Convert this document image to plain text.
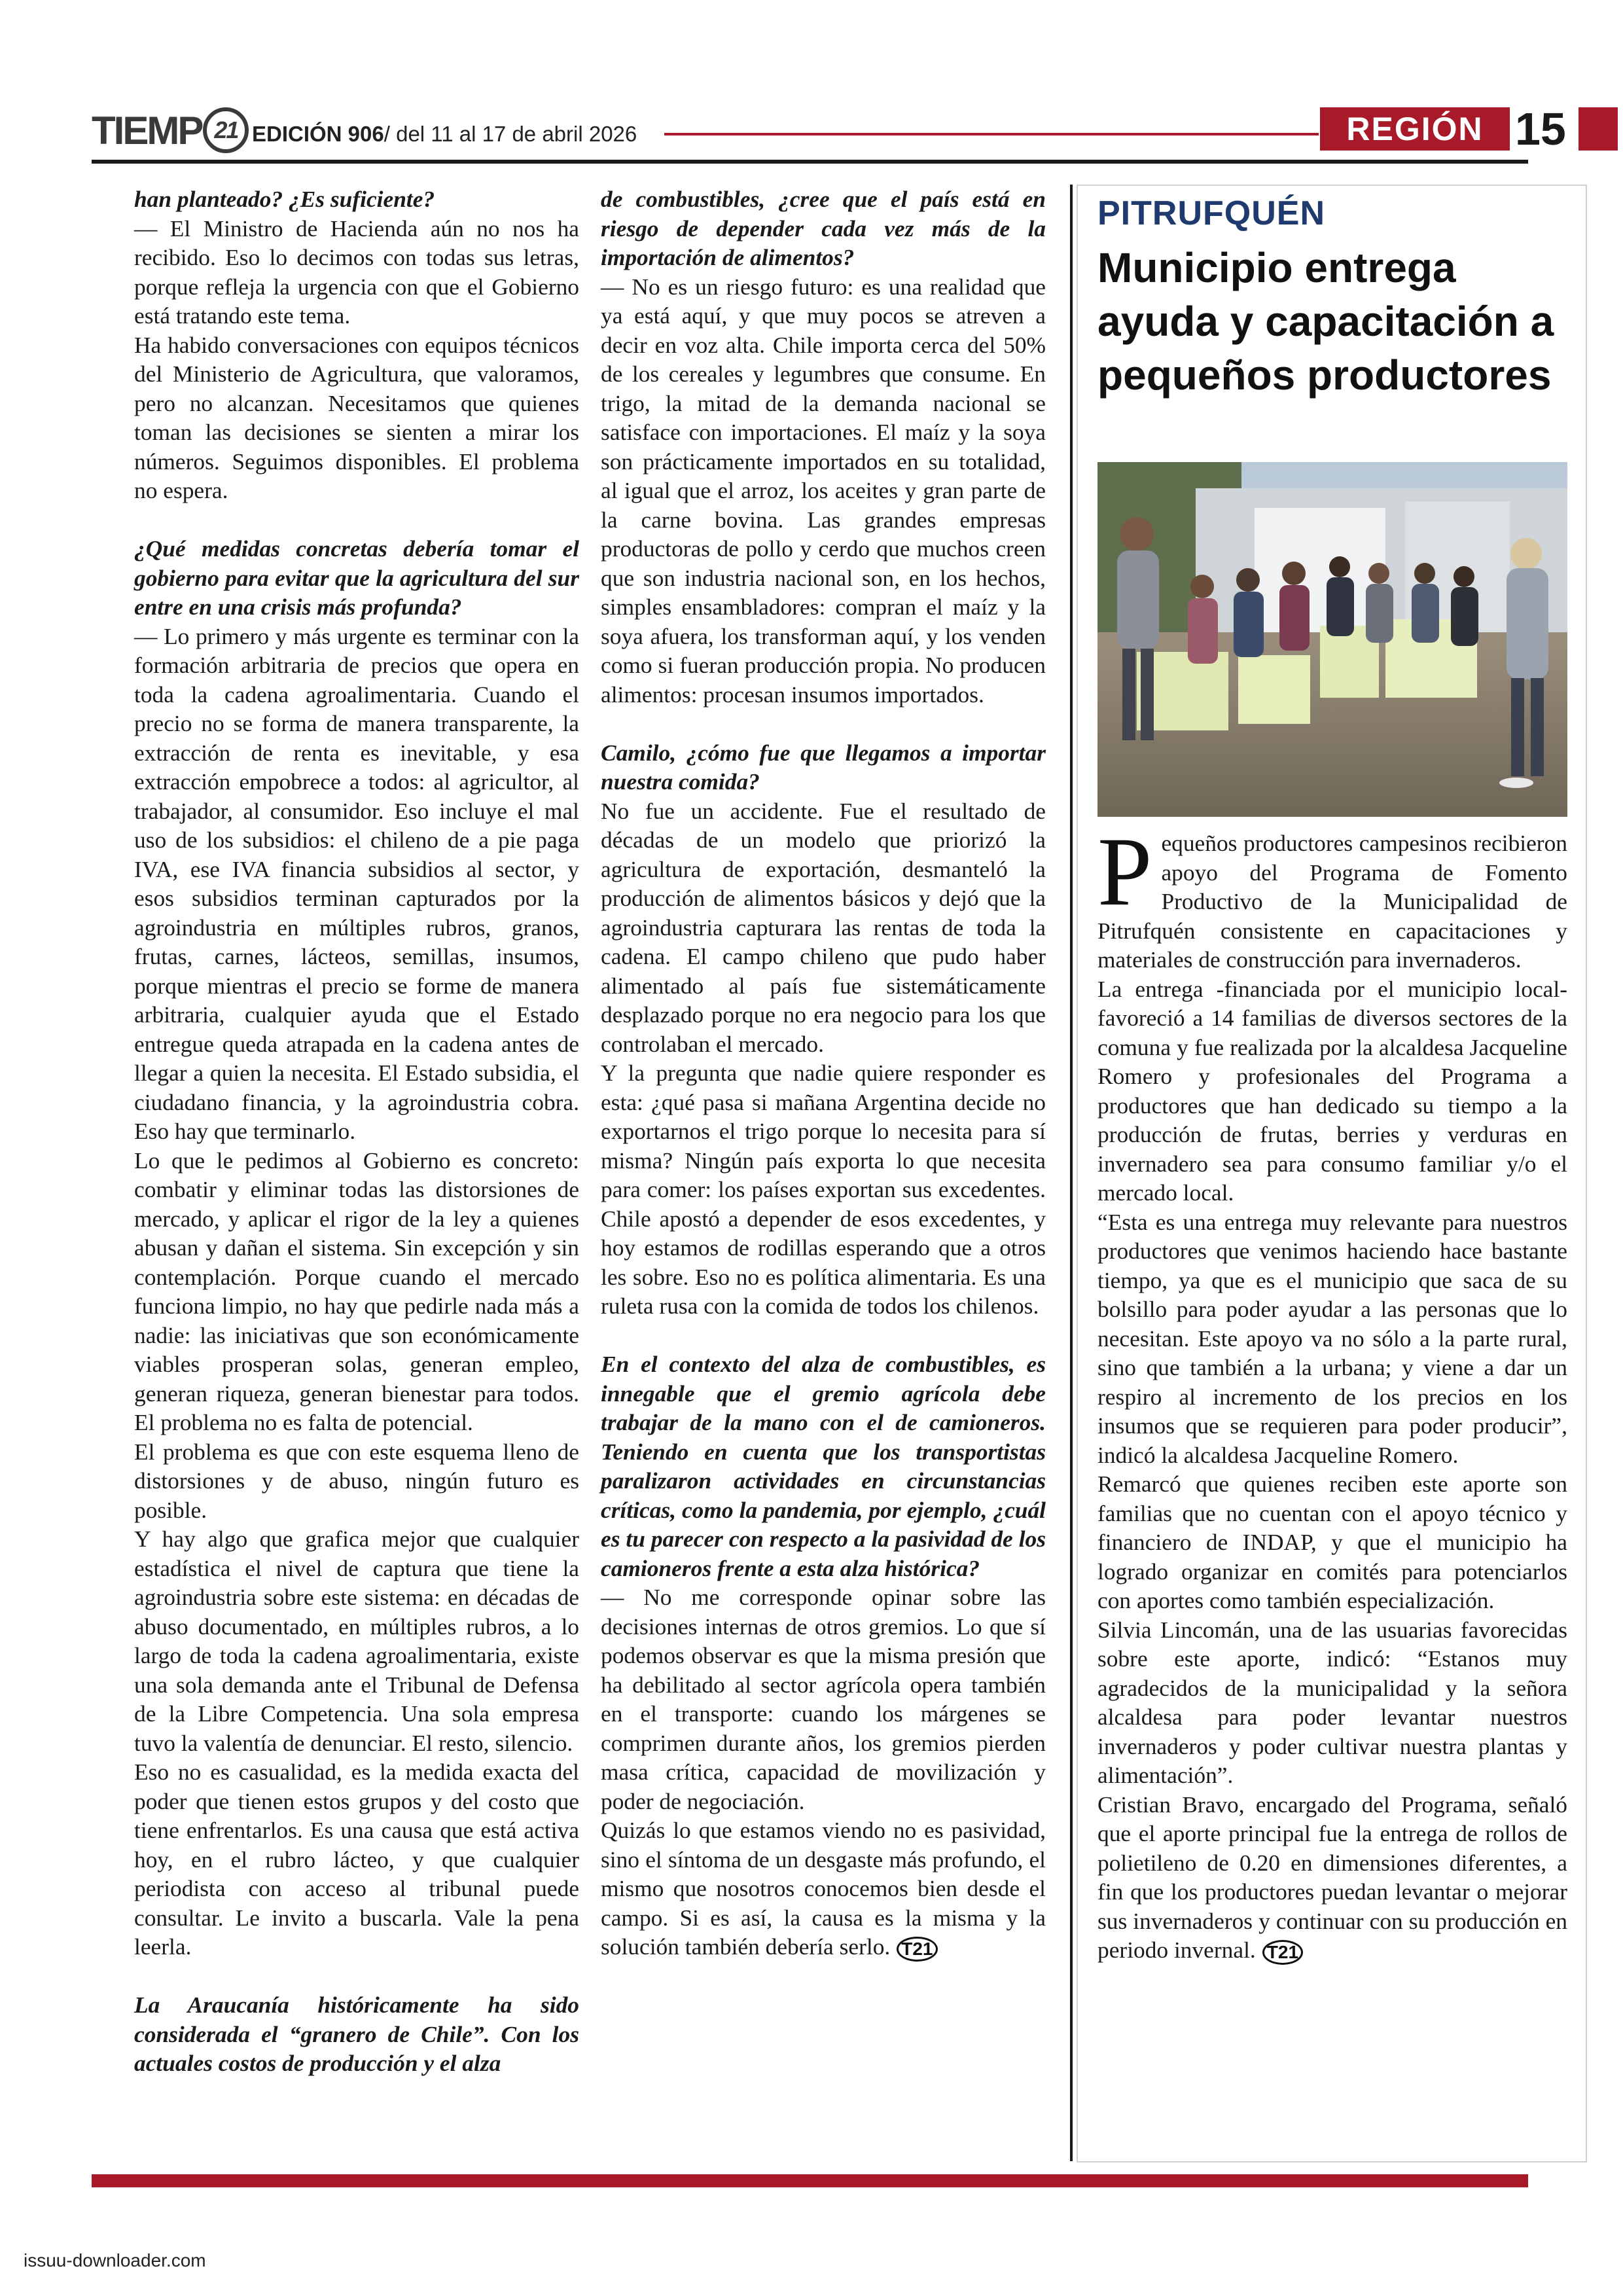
TIEMP 21 EDICIÓN 906/ del 11 al 17 de abril 2026	REGIÓN 15

han planteado? ¿Es suficiente?

— El Ministro de Hacienda aún no nos ha recibido. Eso lo decimos con todas sus letras, porque refleja la urgencia con que el Gobierno está tratando este tema.

Ha habido conversaciones con equipos técnicos del Ministerio de Agricultura, que valoramos, pero no alcanzan. Necesitamos que quienes toman las decisiones se sienten a mirar los números. Seguimos disponibles. El problema no espera.

¿Qué medidas concretas debería tomar el gobierno para evitar que la agricultura del sur entre en una crisis más profunda?

— Lo primero y más urgente es terminar con la formación arbitraria de precios que opera en toda la cadena agroalimentaria. Cuando el precio no se forma de manera transparente, la extracción de renta es inevitable, y esa extracción empobrece a todos: al agricultor, al trabajador, al consumidor. Eso incluye el mal uso de los subsidios: el chileno de a pie paga IVA, ese IVA financia subsidios al sector, y esos subsidios terminan capturados por la agroindustria en múltiples rubros, granos, frutas, carnes, lácteos, semillas, insumos, porque mientras el precio se forme de manera arbitraria, cualquier ayuda que el Estado entregue queda atrapada en la cadena antes de llegar a quien la necesita. El Estado subsidia, el ciudadano financia, y la agroindustria cobra. Eso hay que terminarlo.

Lo que le pedimos al Gobierno es concreto: combatir y eliminar todas las distorsiones de mercado, y aplicar el rigor de la ley a quienes abusan y dañan el sistema. Sin excepción y sin contemplación. Porque cuando el mercado funciona limpio, no hay que pedirle nada más a nadie: las iniciativas que son económicamente viables prosperan solas, generan empleo, generan riqueza, generan bienestar para todos. El problema no es falta de potencial.

El problema es que con este esquema lleno de distorsiones y de abuso, ningún futuro es posible.

Y hay algo que grafica mejor que cualquier estadística el nivel de captura que tiene la agroindustria sobre este sistema: en décadas de abuso documentado, en múltiples rubros, a lo largo de toda la cadena agroalimentaria, existe una sola demanda ante el Tribunal de Defensa de la Libre Competencia. Una sola empresa tuvo la valentía de denunciar. El resto, silencio.

Eso no es casualidad, es la medida exacta del poder que tienen estos grupos y del costo que tiene enfrentarlos. Es una causa que está activa hoy, en el rubro lácteo, y que cualquier periodista con acceso al tribunal puede consultar. Le invito a buscarla. Vale la pena leerla.

La Araucanía históricamente ha sido considerada el “granero de Chile”. Con los actuales costos de producción y el alza

de combustibles, ¿cree que el país está en riesgo de depender cada vez más de la importación de alimentos?

— No es un riesgo futuro: es una realidad que ya está aquí, y que muy pocos se atreven a decir en voz alta. Chile importa cerca del 50% de los cereales y legumbres que consume. En trigo, la mitad de la demanda nacional se satisface con importaciones. El maíz y la soya son prácticamente importados en su totalidad, al igual que el arroz, los aceites y gran parte de la carne bovina. Las grandes empresas productoras de pollo y cerdo que muchos creen que son industria nacional son, en los hechos, simples ensambladores: compran el maíz y la soya afuera, los transforman aquí, y los venden como si fueran producción propia. No producen alimentos: procesan insumos importados.

Camilo, ¿cómo fue que llegamos a importar nuestra comida?

No fue un accidente. Fue el resultado de décadas de un modelo que priorizó la agricultura de exportación, desmanteló la producción de alimentos básicos y dejó que la agroindustria capturara las rentas de toda la cadena. El campo chileno que pudo haber alimentado al país fue sistemáticamente desplazado porque no era negocio para los que controlaban el mercado.

Y la pregunta que nadie quiere responder es esta: ¿qué pasa si mañana Argentina decide no exportarnos el trigo porque lo necesita para sí misma? Ningún país exporta lo que necesita para comer: los países exportan sus excedentes. Chile apostó a depender de esos excedentes, y hoy estamos de rodillas esperando que a otros les sobre. Eso no es política alimentaria. Es una ruleta rusa con la comida de todos los chilenos.

En el contexto del alza de combustibles, es innegable que el gremio agrícola debe trabajar de la mano con el de camioneros. Teniendo en cuenta que los transportistas paralizaron actividades en circunstancias críticas, como la pandemia, por ejemplo, ¿cuál es tu parecer con respecto a la pasividad de los camioneros frente a esta alza histórica?

— No me corresponde opinar sobre las decisiones internas de otros gremios. Lo que sí podemos observar es que la misma presión que ha debilitado al sector agrícola opera también en el transporte: cuando los márgenes se comprimen durante años, los gremios pierden masa crítica, capacidad de movilización y poder de negociación.

Quizás lo que estamos viendo no es pasividad, sino el síntoma de un desgaste más profundo, el mismo que nosotros conocemos bien desde el campo. Si es así, la causa es la misma y la solución también debería serlo. T21

PITRUFQUÉN
Municipio entrega ayuda y capacitación a pequeños productores

Pequeños productores campesinos recibieron apoyo del Programa de Fomento Productivo de la Municipalidad de Pitrufquén consistente en capacitaciones y materiales de construcción para invernaderos.

La entrega -financiada por el municipio local- favoreció a 14 familias de diversos sectores de la comuna y fue realizada por la alcaldesa Jacqueline Romero y profesionales del Programa a productores que han dedicado su tiempo a la producción de frutas, berries y verduras en invernadero sea para consumo familiar y/o el mercado local.

“Esta es una entrega muy relevante para nuestros productores que venimos haciendo hace bastante tiempo, ya que es el municipio que saca de su bolsillo para poder ayudar a las personas que lo necesitan. Este apoyo va no sólo a la parte rural, sino que también a la urbana; y viene a dar un respiro al incremento de los precios en los insumos que se requieren para poder producir”, indicó la alcaldesa Jacqueline Romero.

Remarcó que quienes reciben este aporte son familias que no cuentan con el apoyo técnico y financiero de INDAP, y que el municipio ha logrado organizar en comités para potenciarlos con aportes como también especialización.

Silvia Lincomán, una de las usuarias favorecidas sobre este aporte, indicó: “Estanos muy agradecidos de la municipalidad y la señora alcaldesa para poder levantar nuestros invernaderos y poder cultivar nuestra plantas y alimentación”.

Cristian Bravo, encargado del Programa, señaló que el aporte principal fue la entrega de rollos de polietileno de 0.20 en dimensiones diferentes, a fin que los productores puedan levantar o mejorar sus invernaderos y continuar con su producción en periodo invernal. T21

issuu-downloader.com
